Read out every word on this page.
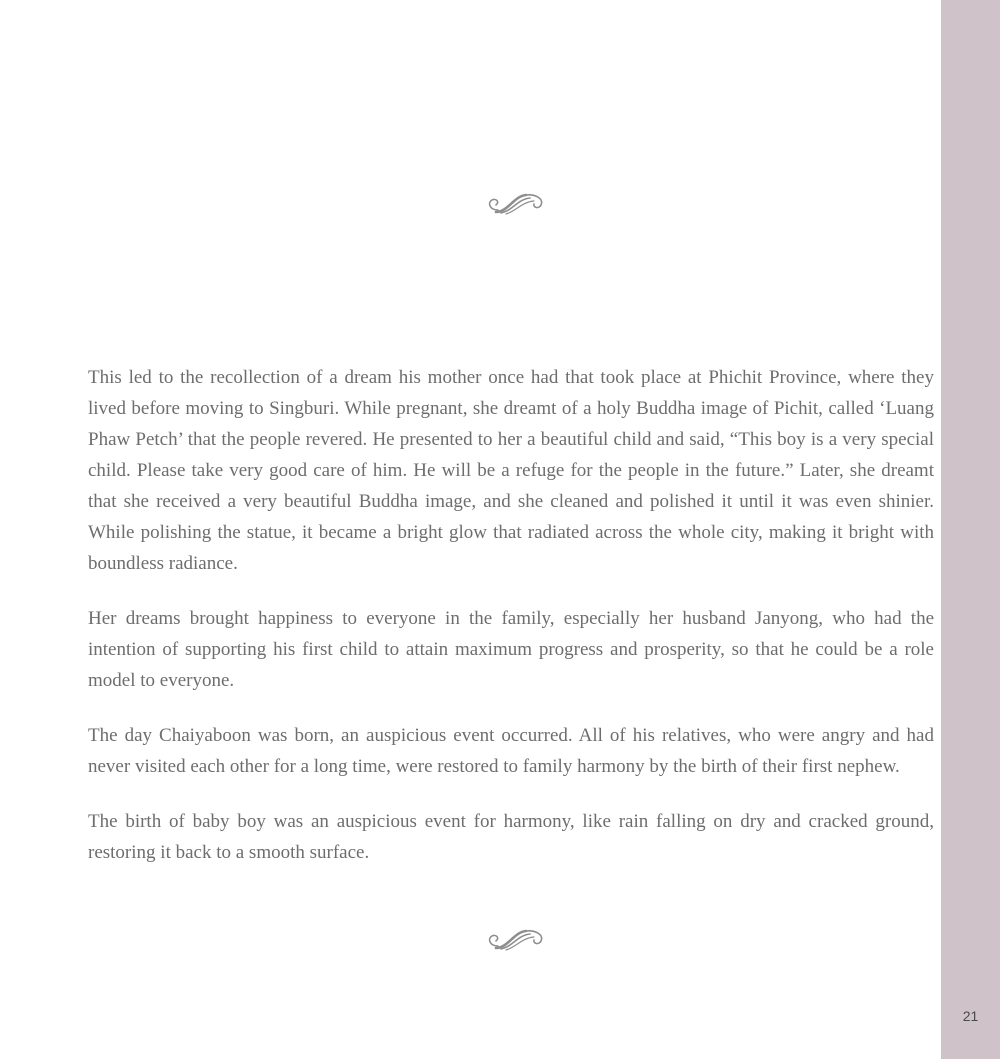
21

This led to the recollection of a dream his mother once had that took place at Phichit Province, where they lived before moving to Singburi. While pregnant, she dreamt of a holy Buddha image of Pichit, called ‘Luang Phaw Petch’ that the people revered. He presented to her a beautiful child and said, “This boy is a very special child. Please take very good care of him. He will be a refuge for the people in the future.” Later, she dreamt that she received a very beautiful Buddha image, and she cleaned and polished it until it was even shinier. While polishing the statue, it became a bright glow that radiated across the whole city, making it bright with boundless radiance.

Her dreams brought happiness to everyone in the family, especially her husband Janyong, who had the intention of supporting his first child to attain maximum progress and prosperity, so that he could be a role model to everyone.

The day Chaiyaboon was born, an auspicious event occurred. All of his relatives, who were angry and had never visited each other for a long time, were restored to family harmony by the birth of their first nephew.

The birth of baby boy was an auspicious event for harmony, like rain falling on dry and cracked ground, restoring it back to a smooth surface.
